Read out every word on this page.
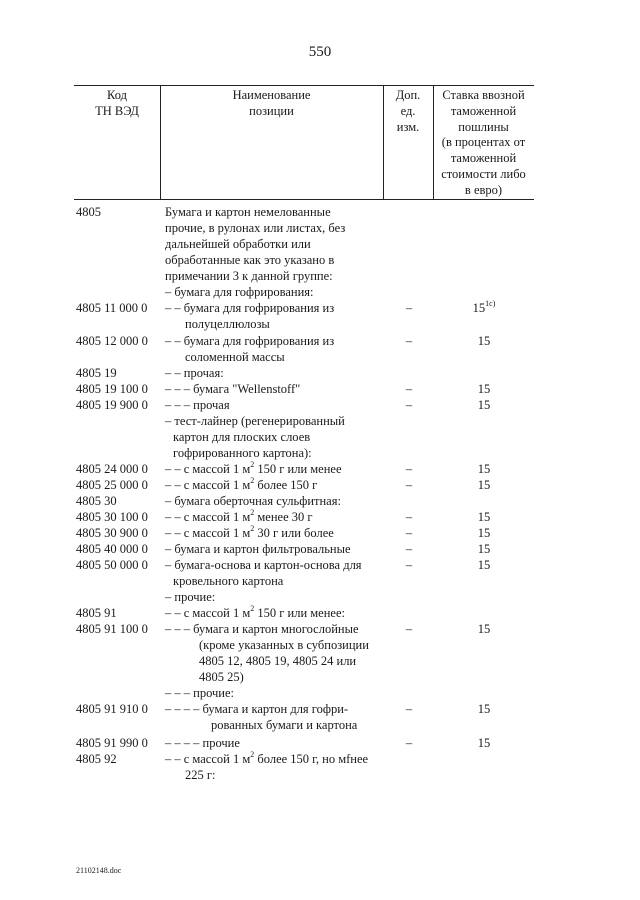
550
Код
ТН ВЭД
Наименование
позиции
Доп.
ед.
изм.
Ставка ввозной
таможенной
пошлины
(в процентах от
таможенной
стоимости либо
в евро)
4805	Бумага и картон немелованные
прочие, в рулонах или листах, без
дальнейшей обработки или
обработанные как это указано в
примечании 3 к данной группе:
– бумага для гофрирования:
4805 11 000 0 – – бумага для гофрирования из
полуцеллюлозы
–	$15^{1c)}$
4805 12 000 0 – – бумага для гофрирования из
соломенной массы
–	15
4805 19	– – прочая:
4805 19 100 0 – – – бумага "Wellenstoff"	–	15
4805 19 900 0 – – – прочая	–	15
– тест-лайнер (регенерированный
картон для плоских слоев
гофрированного картона):
4805 24 000 0 – – с массой 1 $м^2$ 150 г или менее	–	15
4805 25 000 0 – – с массой 1 $м^2$ более 150 г	–	15
4805 30	– бумага оберточная сульфитная:
4805 30 100 0 – – с массой 1 $м^2$ менее 30 г	–	15
4805 30 900 0 – – с массой 1 $м^2$ 30 г или более	–	15
4805 40 000 0 – бумага и картон фильтровальные	–	15
4805 50 000 0 – бумага-основа и картон-основа для
кровельного картона
–	15
– прочие:
4805 91	– – с массой 1 $м^2$ 150 г или менее:
4805 91 100 0 – – – бумага и картон многослойные
(кроме указанных в субпозиции
4805 12, 4805 19, 4805 24 или
4805 25)
–	15
– – – прочие:
4805 91 910 0 – – – – бумага и картон для гофри-
рованных бумаги и картона
–	15
4805 91 990 0 – – – – прочие	–	15
4805 92	– – с массой 1 $м^2$ более 150 г, но мfнее
225 г:
21102148.doc
